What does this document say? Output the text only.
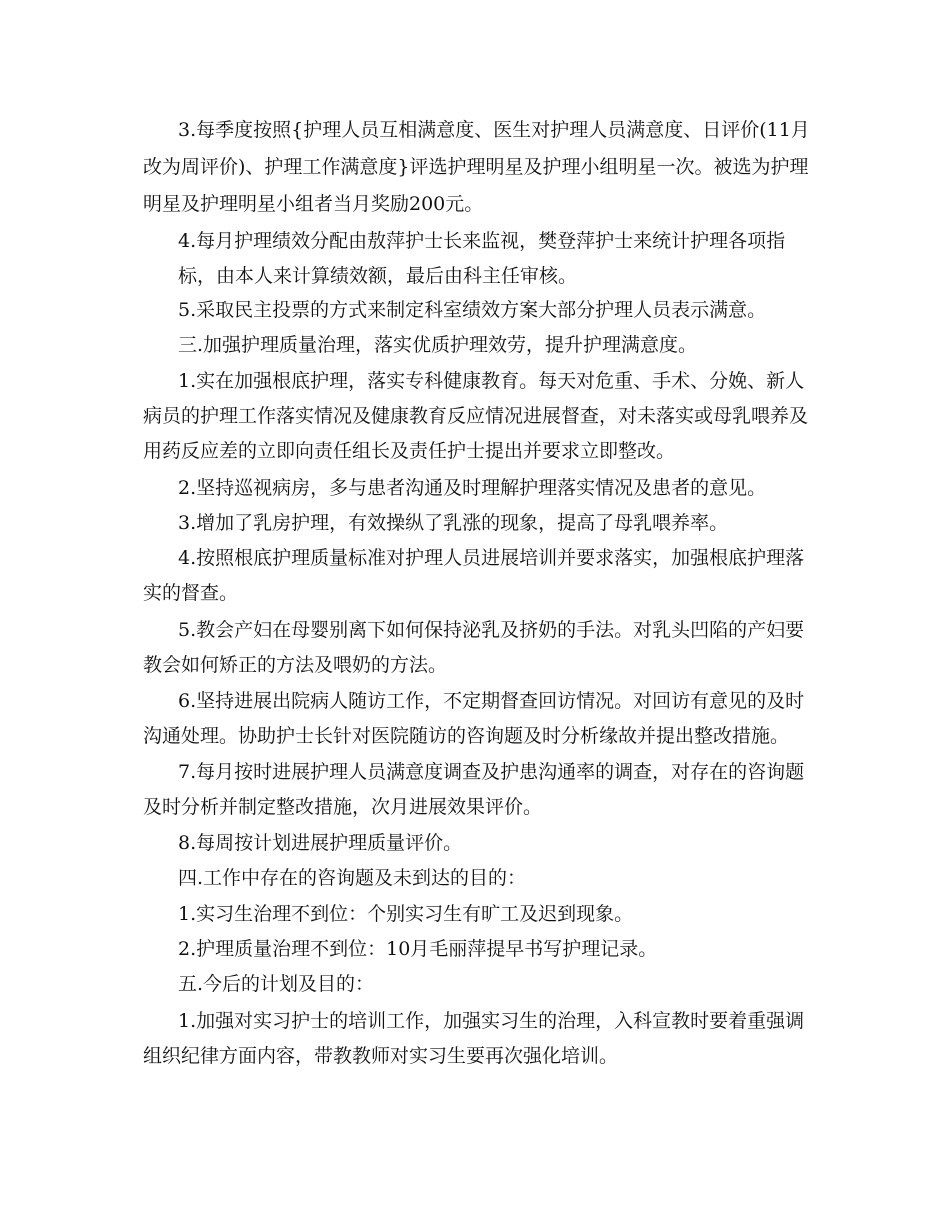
3.每季度按照{护理人员互相满意度、医生对护理人员满意度、日评价(11月
改为周评价)、护理工作满意度}评选护理明星及护理小组明星一次。被选为护理
明星及护理明星小组者当月奖励200元。
4.每月护理绩效分配由敖萍护士长来监视，樊登萍护士来统计护理各项指
标，由本人来计算绩效额，最后由科主任审核。
5.采取民主投票的方式来制定科室绩效方案大部分护理人员表示满意。
三.加强护理质量治理，落实优质护理效劳，提升护理满意度。
1.实在加强根底护理，落实专科健康教育。每天对危重、手术、分娩、新人
病员的护理工作落实情况及健康教育反应情况进展督查，对未落实或母乳喂养及
用药反应差的立即向责任组长及责任护士提出并要求立即整改。
2.坚持巡视病房，多与患者沟通及时理解护理落实情况及患者的意见。
3.增加了乳房护理，有效操纵了乳涨的现象，提高了母乳喂养率。
4.按照根底护理质量标准对护理人员进展培训并要求落实，加强根底护理落
实的督查。
5.教会产妇在母婴别离下如何保持泌乳及挤奶的手法。对乳头凹陷的产妇要
教会如何矫正的方法及喂奶的方法。
6.坚持进展出院病人随访工作，不定期督查回访情况。对回访有意见的及时
沟通处理。协助护士长针对医院随访的咨询题及时分析缘故并提出整改措施。
7.每月按时进展护理人员满意度调查及护患沟通率的调查，对存在的咨询题
及时分析并制定整改措施，次月进展效果评价。
8.每周按计划进展护理质量评价。
四.工作中存在的咨询题及未到达的目的：
1.实习生治理不到位：个别实习生有旷工及迟到现象。
2.护理质量治理不到位：10月毛丽萍提早书写护理记录。
五.今后的计划及目的：
1.加强对实习护士的培训工作，加强实习生的治理，入科宣教时要着重强调
组织纪律方面内容，带教教师对实习生要再次强化培训。
